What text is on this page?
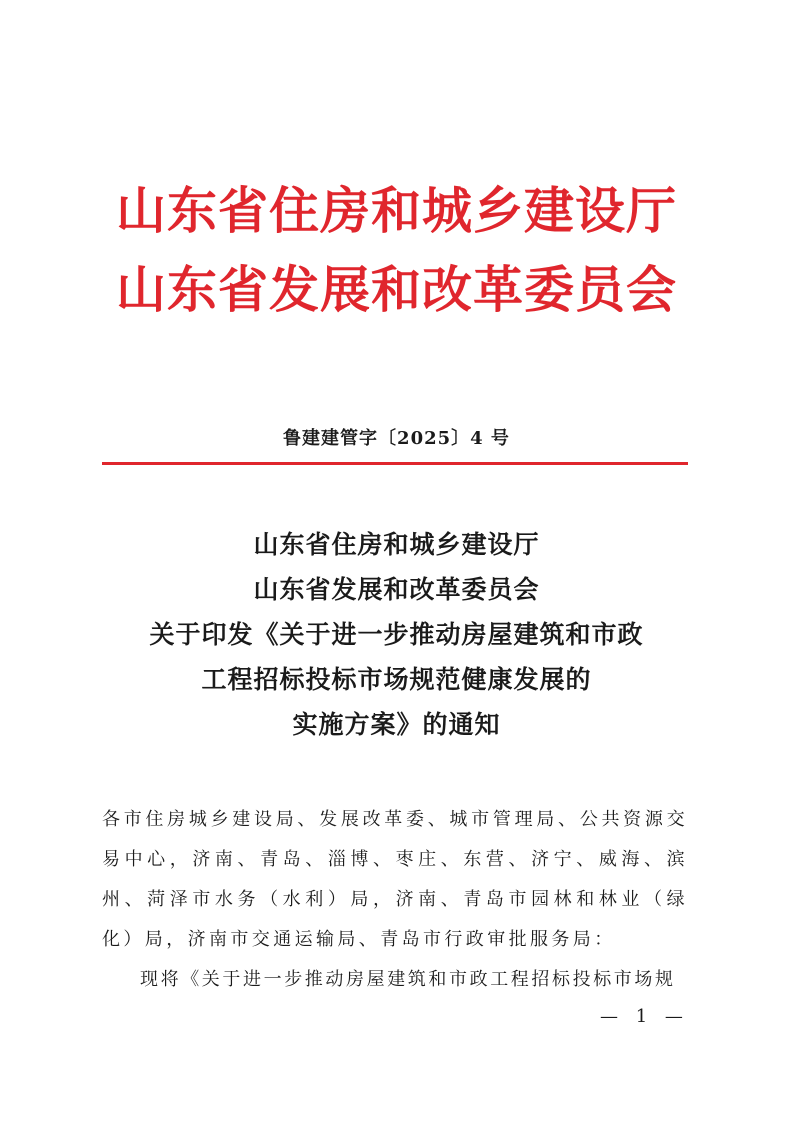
山东省住房和城乡建设厅
山东省发展和改革委员会
鲁建建管字〔2025〕4 号
山东省住房和城乡建设厅
山东省发展和改革委员会
关于印发《关于进一步推动房屋建筑和市政
工程招标投标市场规范健康发展的
实施方案》的通知
各市住房城乡建设局、发展改革委、城市管理局、公共资源交易中心，济南、青岛、淄博、枣庄、东营、济宁、威海、滨州、菏泽市水务（水利）局，济南、青岛市园林和林业（绿化）局，济南市交通运输局、青岛市行政审批服务局：
现将《关于进一步推动房屋建筑和市政工程招标投标市场规
— 1 —
